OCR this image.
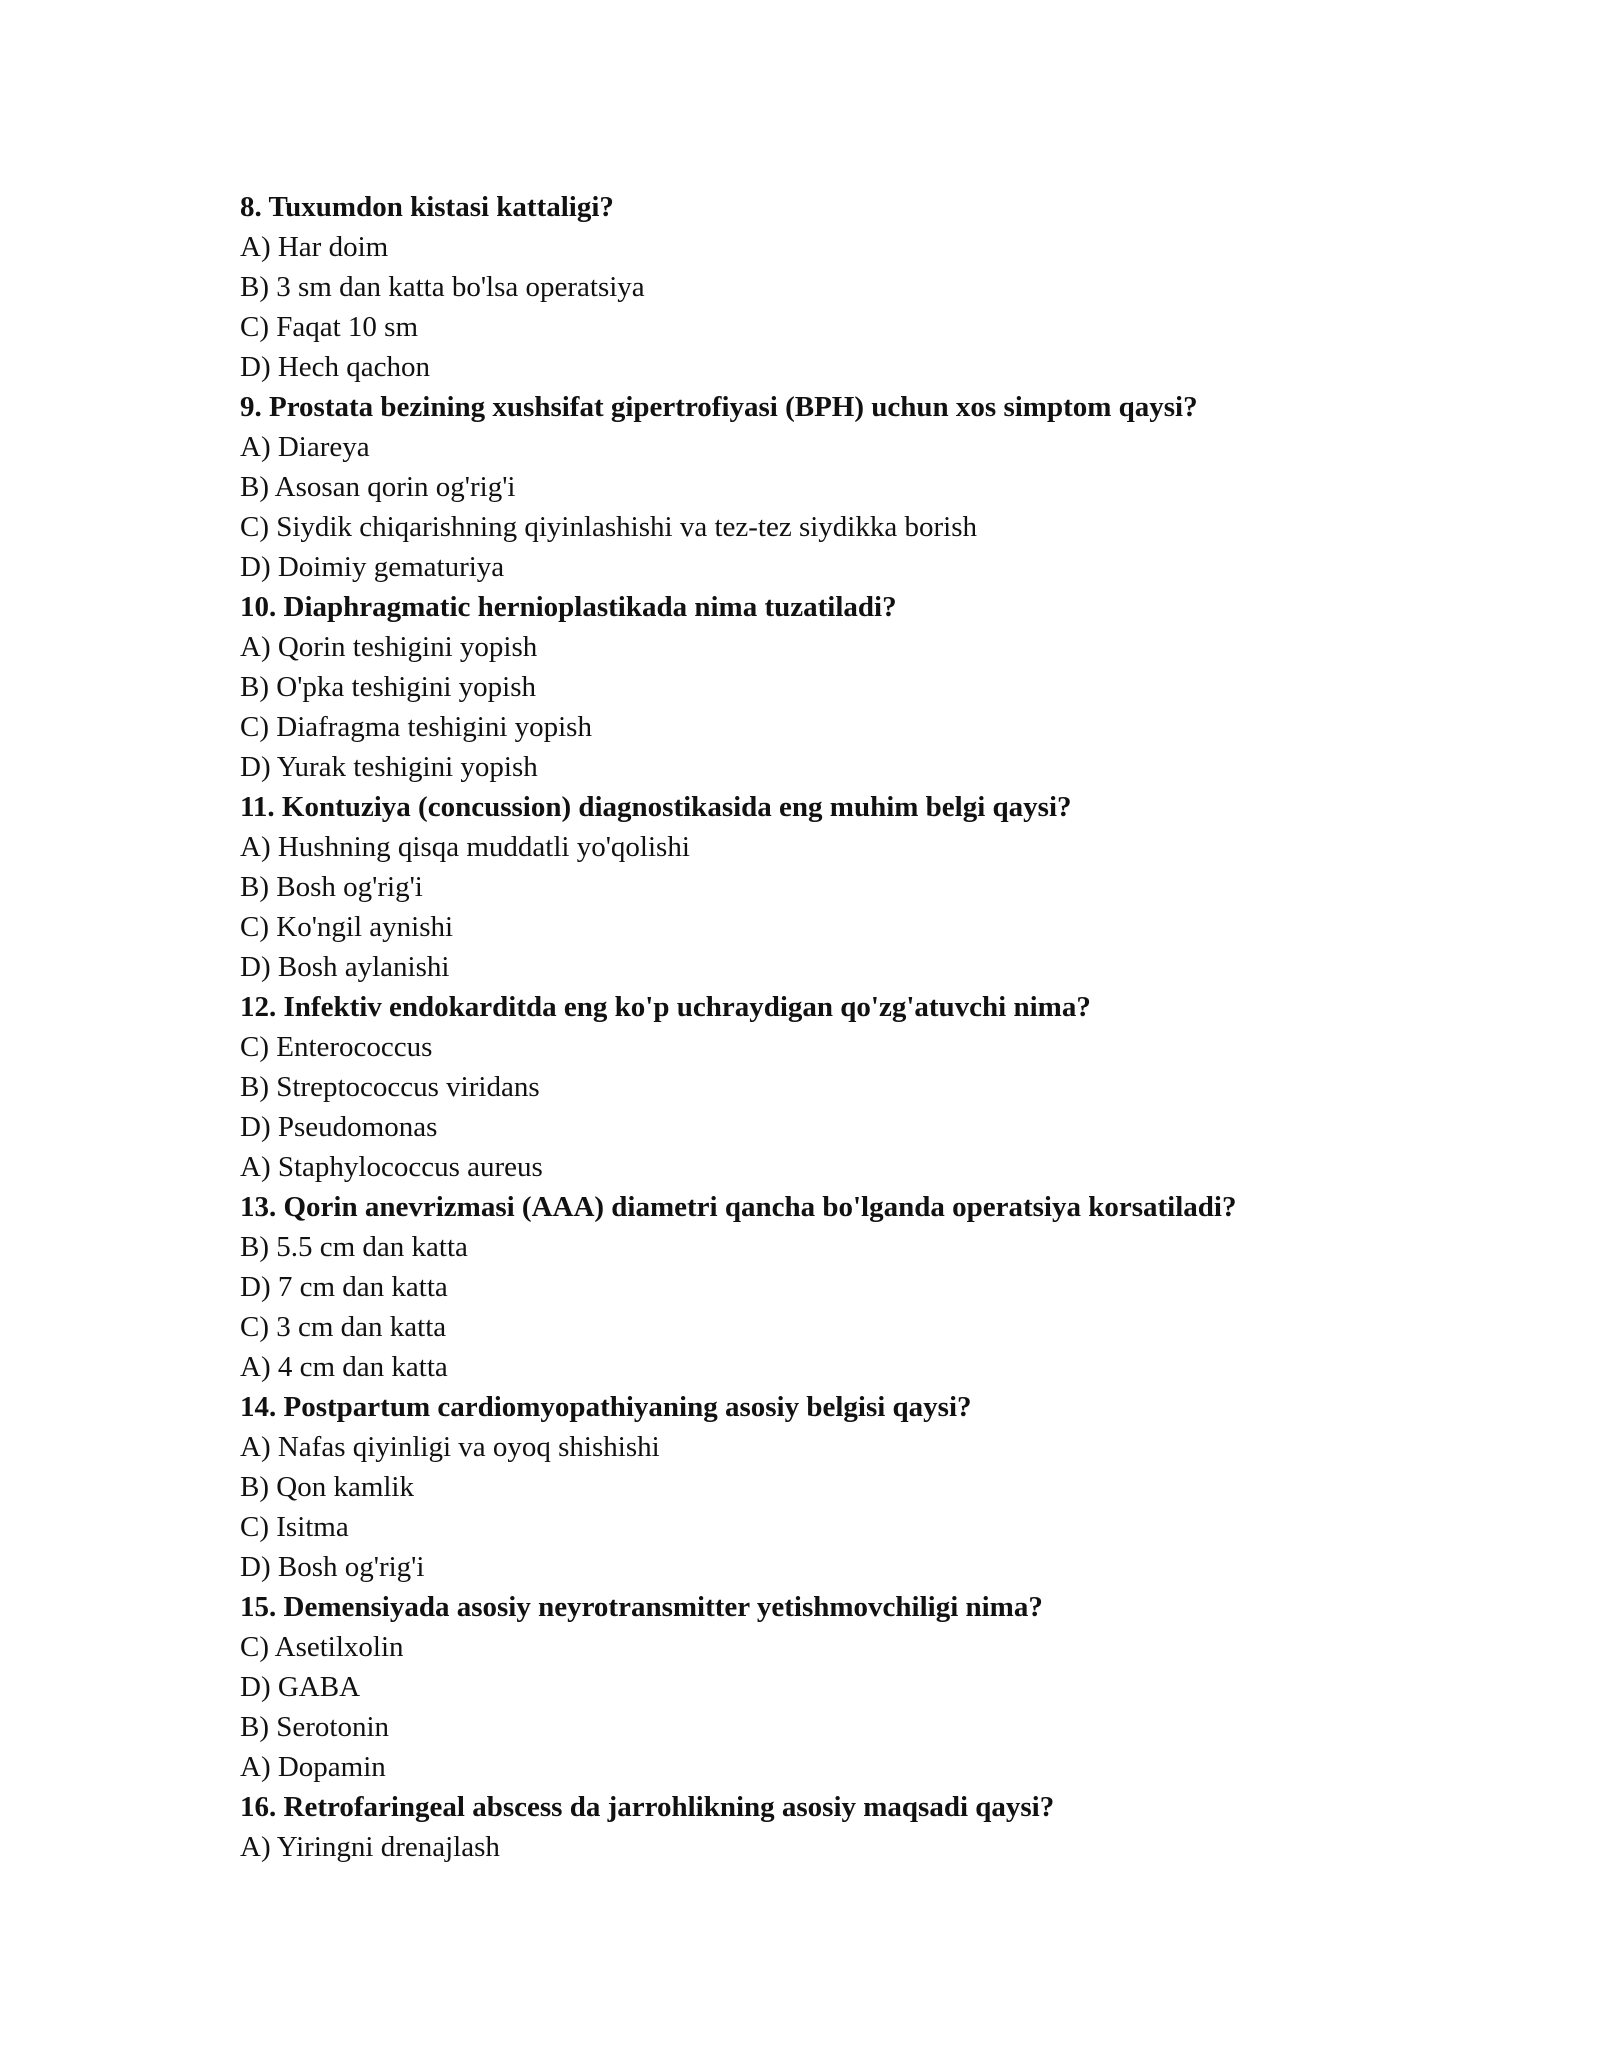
8. Tuxumdon kistasi kattaligi?
A) Har doim
B) 3 sm dan katta bo'lsa operatsiya
C) Faqat 10 sm
D) Hech qachon
9. Prostata bezining xushsifat gipertrofiyasi (BPH) uchun xos simptom qaysi?
A) Diareya
B) Asosan qorin og'rig'i
C) Siydik chiqarishning qiyinlashishi va tez-tez siydikka borish
D) Doimiy gematuriya
10. Diaphragmatic hernioplastikada nima tuzatiladi?
A) Qorin teshigini yopish
B) O'pka teshigini yopish
C) Diafragma teshigini yopish
D) Yurak teshigini yopish
11. Kontuziya (concussion) diagnostikasida eng muhim belgi qaysi?
A) Hushning qisqa muddatli yo'qolishi
B) Bosh og'rig'i
C) Ko'ngil aynishi
D) Bosh aylanishi
12. Infektiv endokarditda eng ko'p uchraydigan qo'zg'atuvchi nima?
C) Enterococcus
B) Streptococcus viridans
D) Pseudomonas
A) Staphylococcus aureus
13. Qorin anevrizmasi (AAA) diametri qancha bo'lganda operatsiya korsatiladi?
B) 5.5 cm dan katta
D) 7 cm dan katta
C) 3 cm dan katta
A) 4 cm dan katta
14. Postpartum cardiomyopathiyaning asosiy belgisi qaysi?
A) Nafas qiyinligi va oyoq shishishi
B) Qon kamlik
C) Isitma
D) Bosh og'rig'i
15. Demensiyada asosiy neyrotransmitter yetishmovchiligi nima?
C) Asetilxolin
D) GABA
B) Serotonin
A) Dopamin
16. Retrofaringeal abscess da jarrohlikning asosiy maqsadi qaysi?
A) Yiringni drenajlash
